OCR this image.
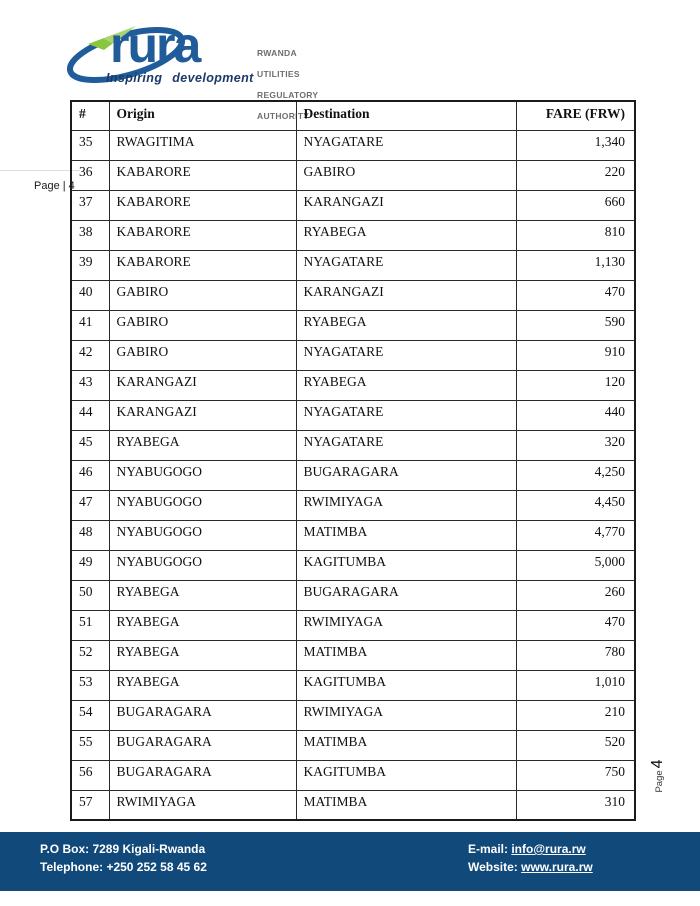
rura
Inspiring development

RWANDA

UTILITIES

REGULATORY

AUTHORITY

Page | 4
#	Origin	Destination	FARE (FRW)
35	RWAGITIMA	NYAGATARE	1,340
36	KABARORE	GABIRO	220
37	KABARORE	KARANGAZI	660
38	KABARORE	RYABEGA	810
39	KABARORE	NYAGATARE	1,130
40	GABIRO	KARANGAZI	470
41	GABIRO	RYABEGA	590
42	GABIRO	NYAGATARE	910
43	KARANGAZI	RYABEGA	120
44	KARANGAZI	NYAGATARE	440
45	RYABEGA	NYAGATARE	320
46	NYABUGOGO	BUGARAGARA	4,250
47	NYABUGOGO	RWIMIYAGA	4,450
48	NYABUGOGO	MATIMBA	4,770
49	NYABUGOGO	KAGITUMBA	5,000
50	RYABEGA	BUGARAGARA	260
51	RYABEGA	RWIMIYAGA	470
52	RYABEGA	MATIMBA	780
53	RYABEGA	KAGITUMBA	1,010
54	BUGARAGARA	RWIMIYAGA	210
55	BUGARAGARA	MATIMBA	520
56	BUGARAGARA	KAGITUMBA	750
57	RWIMIYAGA	MATIMBA	310
Page
4
P.O Box: 7289 Kigali-Rwanda
Telephone: +250 252 58 45 62
E-mail: info@rura.rw
Website: www.rura.rw
